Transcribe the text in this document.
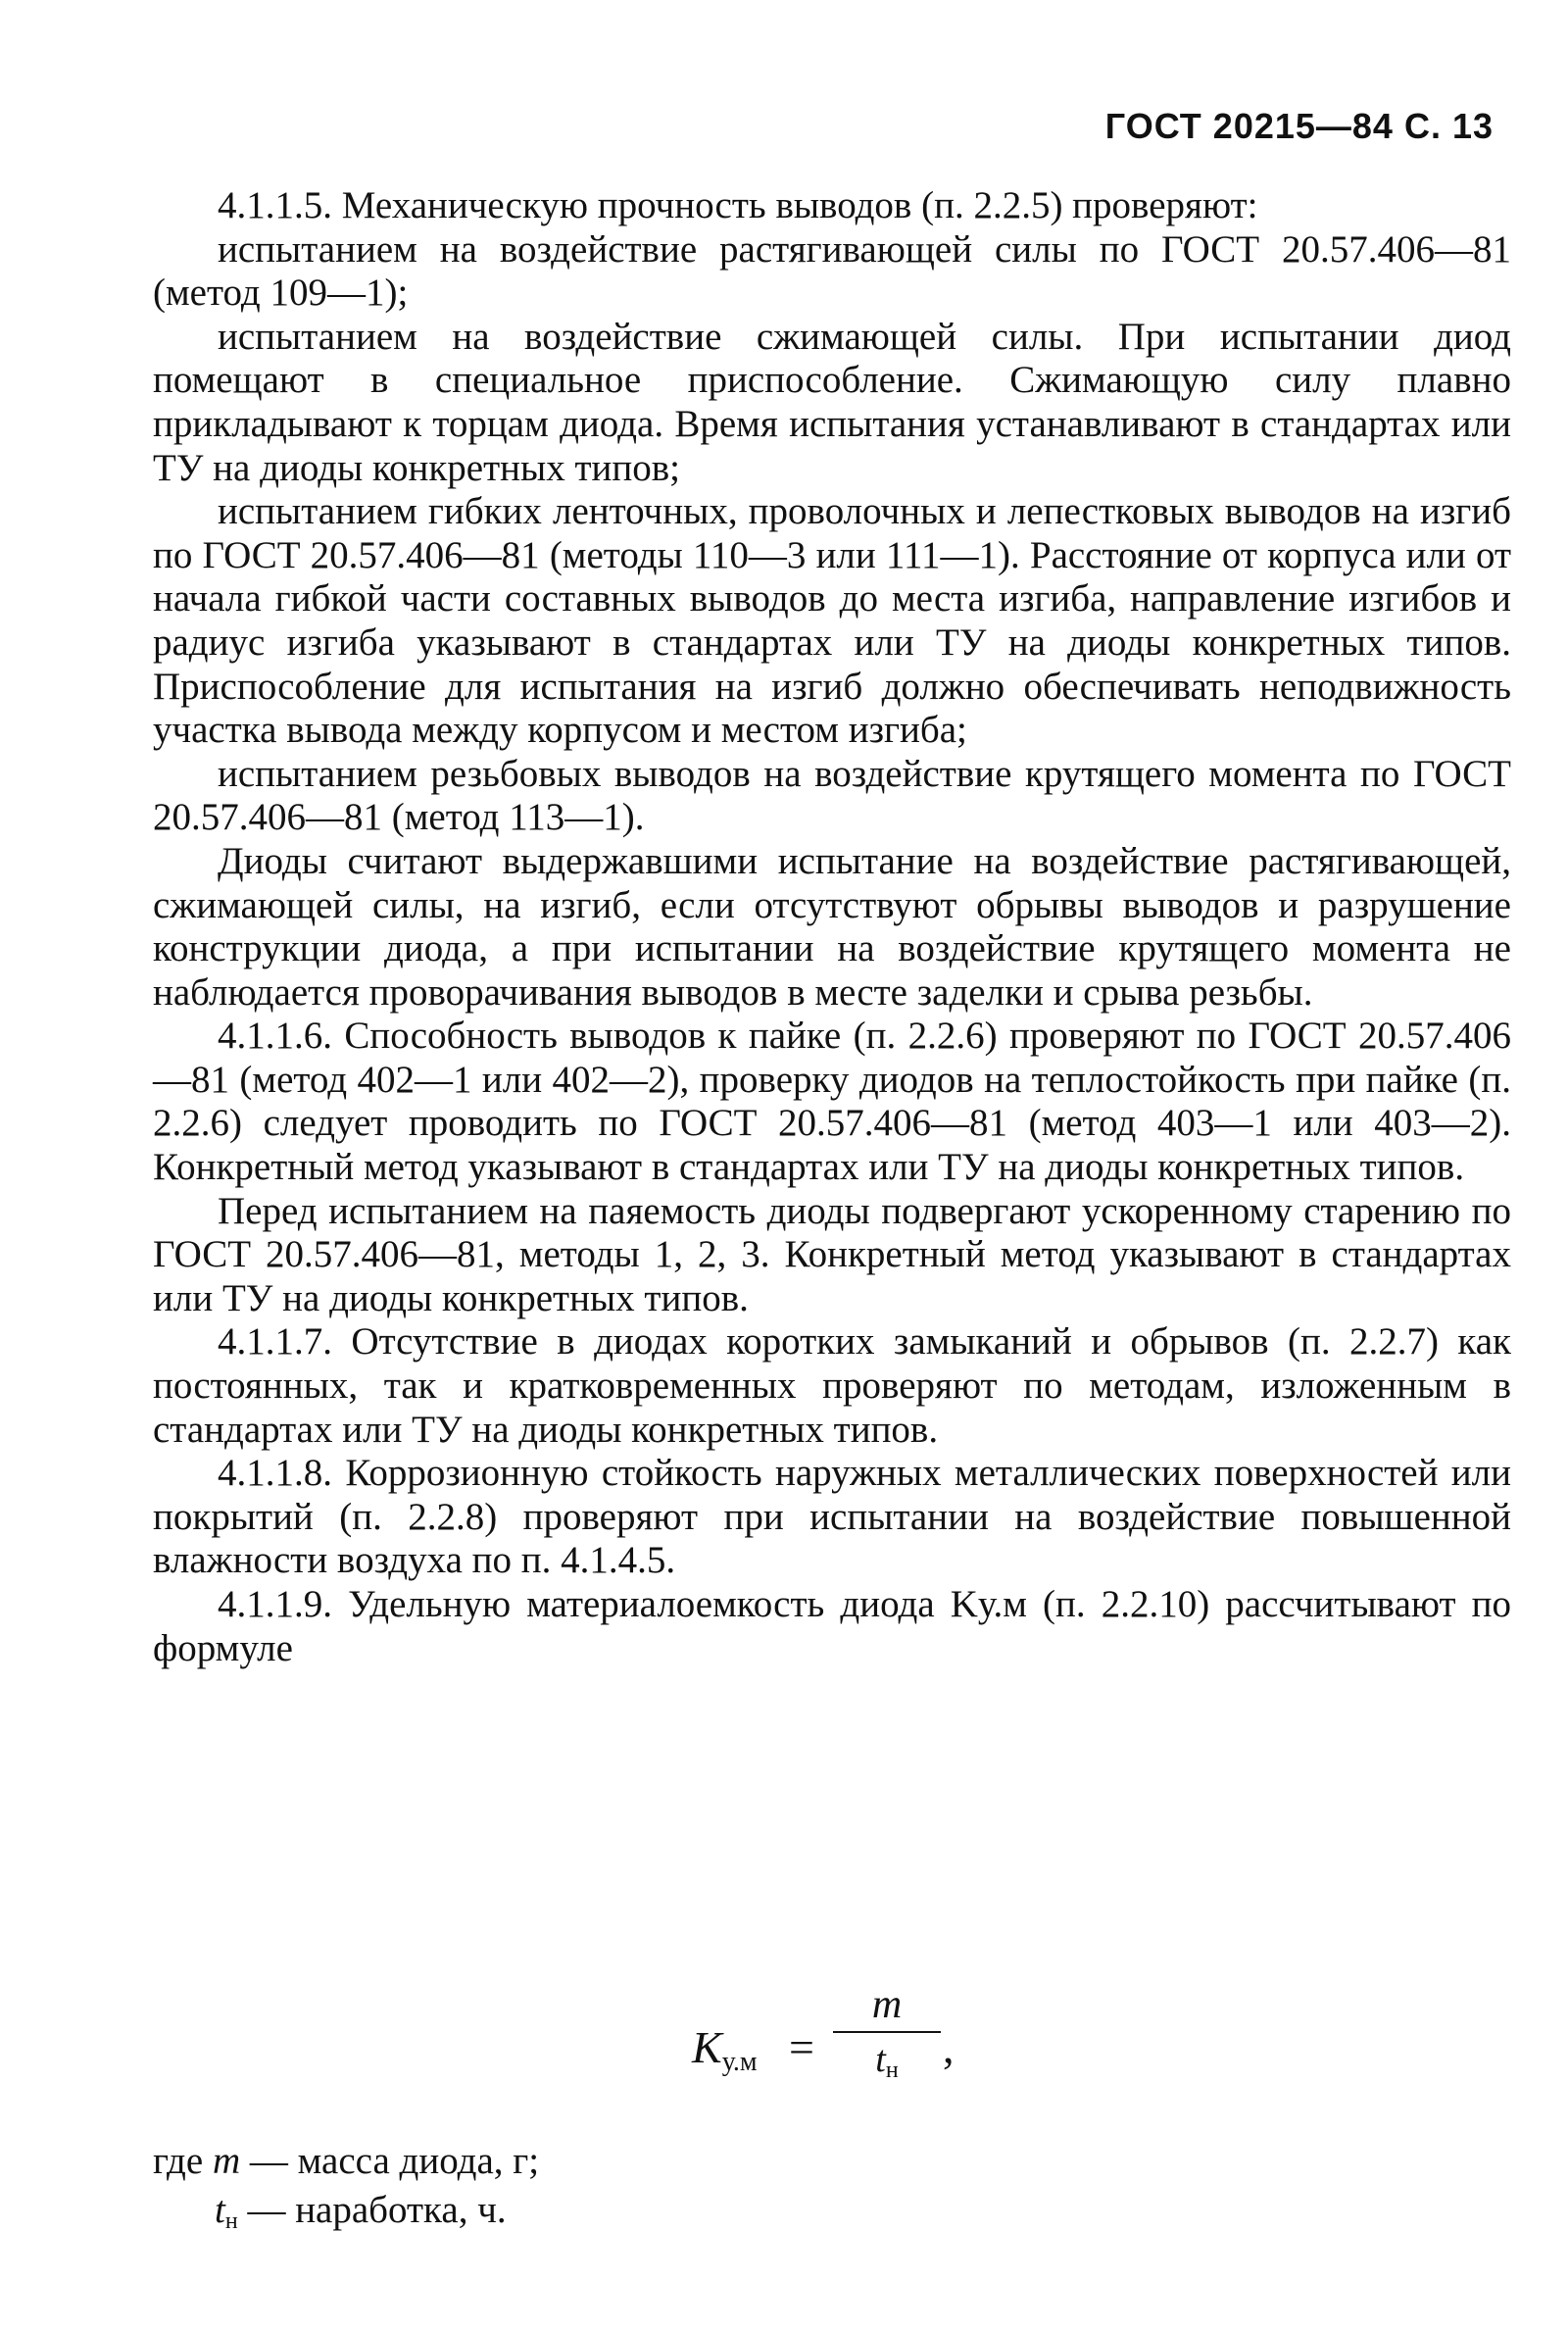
ГОСТ 20215—84 С. 13

4.1.1.5. Механическую прочность выводов (п. 2.2.5) проверяют:

испытанием на воздействие растягивающей силы по ГОСТ 20.57.406—81 (метод 109—1);

испытанием на воздействие сжимающей силы. При испытании диод помещают в специальное приспособление. Сжимающую силу плавно прикладывают к торцам диода. Время испытания устанавливают в стандартах или ТУ на диоды конкретных типов;

испытанием гибких ленточных, проволочных и лепестковых выводов на изгиб по ГОСТ 20.57.406—81 (методы 110—3 или 111—1). Расстояние от корпуса или от начала гибкой части составных выводов до места изгиба, направление изгибов и радиус изгиба указывают в стандартах или ТУ на диоды конкретных типов. Приспособление для испытания на изгиб должно обеспечивать неподвижность участка вывода между корпусом и местом изгиба;

испытанием резьбовых выводов на воздействие крутящего момента по ГОСТ 20.57.406—81 (метод 113—1).

Диоды считают выдержавшими испытание на воздействие растягивающей, сжимающей силы, на изгиб, если отсутствуют обрывы выводов и разрушение конструкции диода, а при испытании на воздействие крутящего момента не наблюдается проворачивания выводов в месте заделки и срыва резьбы.

4.1.1.6. Способность выводов к пайке (п. 2.2.6) проверяют по ГОСТ 20.57.406—81 (метод 402—1 или 402—2), проверку диодов на теплостойкость при пайке (п. 2.2.6) следует проводить по ГОСТ 20.57.406—81 (метод 403—1 или 403—2). Конкретный метод указывают в стандартах или ТУ на диоды конкретных типов.

Перед испытанием на паяемость диоды подвергают ускоренному старению по ГОСТ 20.57.406—81, методы 1, 2, 3. Конкретный метод указывают в стандартах или ТУ на диоды конкретных типов.

4.1.1.7. Отсутствие в диодах коротких замыканий и обрывов (п. 2.2.7) как постоянных, так и кратковременных проверяют по методам, изложенным в стандартах или ТУ на диоды конкретных типов.

4.1.1.8. Коррозионную стойкость наружных металлических поверхностей или покрытий (п. 2.2.8) проверяют при испытании на воздействие повышенной влажности воздуха по п. 4.1.4.5.

4.1.1.9. Удельную материалоемкость диода Kу.м (п. 2.2.10) рассчитывают по формуле

$K_{у.м}$ =
m
$t_н$ ,
где m — масса диода, г;
$t_н$ — наработка, ч.
